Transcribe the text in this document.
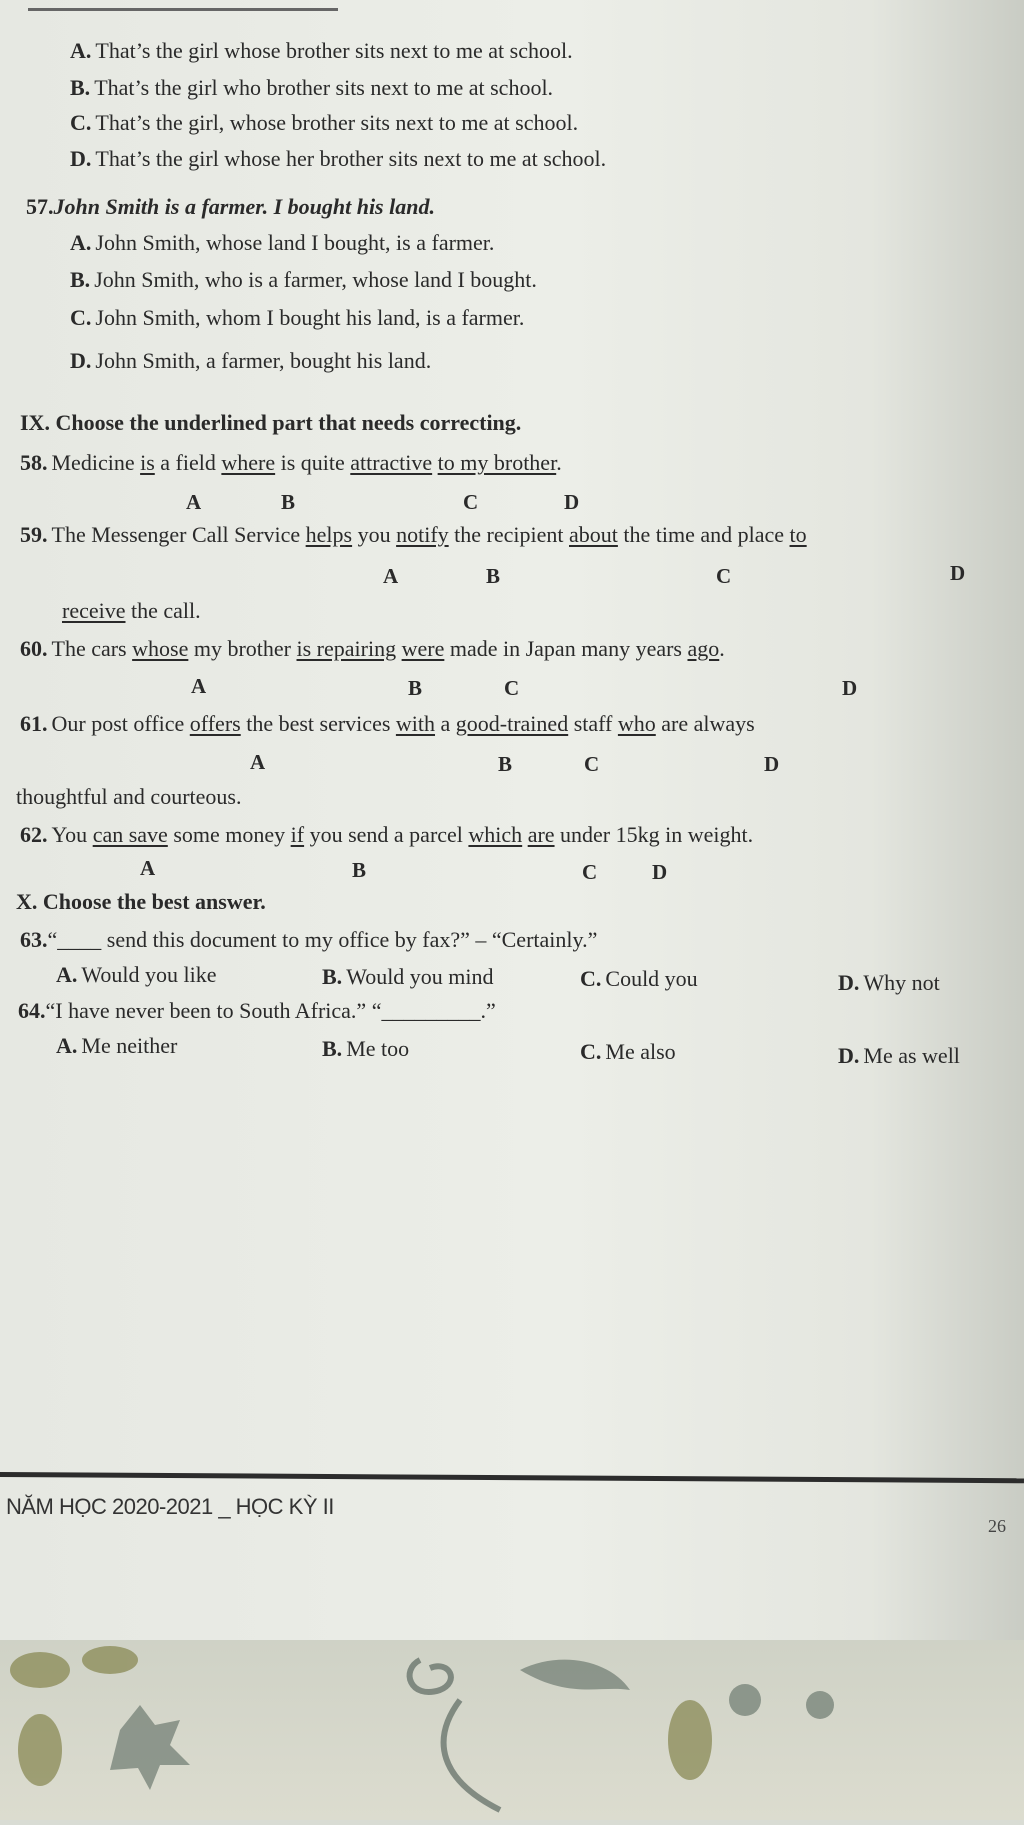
A. That’s the girl whose brother sits next to me at school.
B. That’s the girl who brother sits next to me at school.
C. That’s the girl, whose brother sits next to me at school.
D. That’s the girl whose her brother sits next to me at school.
57.John Smith is a farmer. I bought his land.
A. John Smith, whose land I bought, is a farmer.
B. John Smith, who is a farmer, whose land I bought.
C. John Smith, whom I bought his land, is a farmer.
D. John Smith, a farmer, bought his land.
IX. Choose the underlined part that needs correcting.
58. Medicine is a field where is quite attractive to my brother.
A	B	C	D
59. The Messenger Call Service helps you notify the recipient about the time and place to
A	B	C	D
receive the call.
60. The cars whose my brother is repairing were made in Japan many years ago.
A	B	C	D
61. Our post office offers the best services with a good-trained staff who are always
A	B	C	D
thoughtful and courteous.
62. You can save some money if you send a parcel which are under 15kg in weight.
A	B	C	D
X. Choose the best answer.
63.“____ send this document to my office by fax?” – “Certainly.”
A. Would you like	B. Would you mind	C. Could you	D. Why not
64.“I have never been to South Africa.” “_________.”
A. Me neither	B. Me too	C. Me also	D. Me as well
NĂM HỌC 2020-2021 _ HỌC KỲ II
26
